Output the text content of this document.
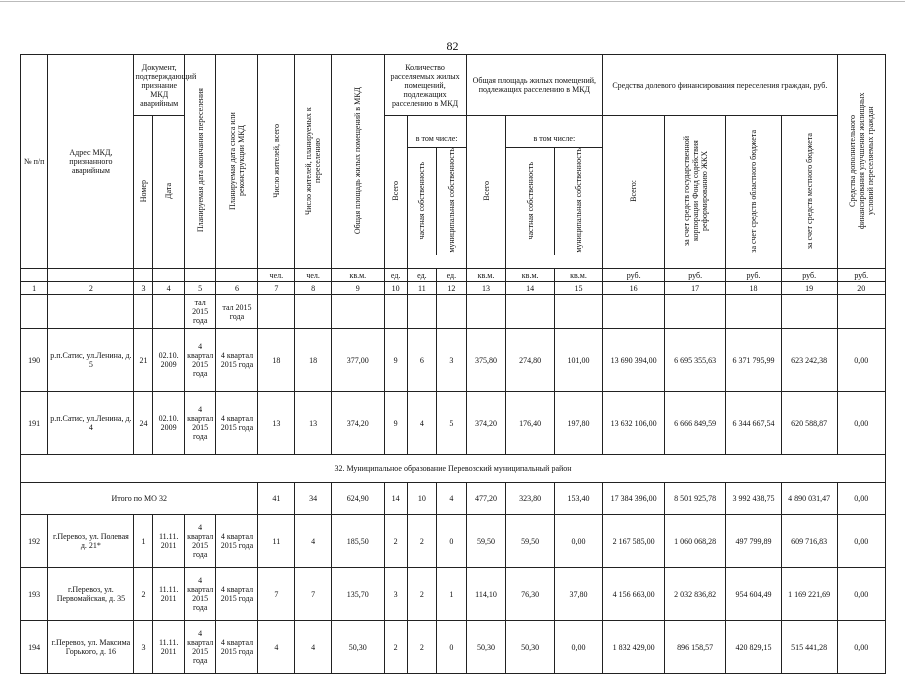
82
№ п/п	Адрес МКД, признанного аварийным	Документ, подтверждающий признание МКД аварийным	Планируемая дата окончания переселения	Планируемая дата сноса или реконструкции МКД	Число жителей, всего	Число жителей, планируемых к переселению	Общая площадь жилых помещений в МКД	Количество расселяемых жилых помещений, подлежащих расселению в МКД	Общая площадь жилых помещений, подлежащих расселению в МКД	Средства долевого финансирования переселения граждан, руб.	Средства дополнительного финансирования улучшения жилищных условий переселяемых граждан
Номер	Дата	Всего	
в том числе:
частная собственность	муниципальная собственность
		Всего	
в том числе:
частная собственность	муниципальная собственность
		Всего:	за счет средств государственной корпорации Фонд содействия реформированию ЖКХ	за счет средств областного бюджета	за счет средств местного бюджета
						чел.	чел.	кв.м.	ед.	ед.	ед.	кв.м.	кв.м.	кв.м.	руб.	руб.	руб.	руб.	руб.
1	2	3	4	5	6	7	8	9	10	11	12	13	14	15	16	17	18	19	20
				тал 2015 года	тал 2015 года														
190	р.п.Сатис, ул.Ленина, д. 5	21	02.10. 2009	4 квартал 2015 года	4 квартал 2015 года	18	18	377,00	9	6	3	375,80	274,80	101,00	13 690 394,00	6 695 355,63	6 371 795,99	623 242,38	0,00
191	р.п.Сатис, ул.Ленина, д. 4	24	02.10. 2009	4 квартал 2015 года	4 квартал 2015 года	13	13	374,20	9	4	5	374,20	176,40	197,80	13 632 106,00	6 666 849,59	6 344 667,54	620 588,87	0,00
32. Муниципальное образование Перевозский муниципальный район
Итого по МО 32	41	34	624,90	14	10	4	477,20	323,80	153,40	17 384 396,00	8 501 925,78	3 992 438,75	4 890 031,47	0,00
192	г.Перевоз, ул. Полевая д. 21*	1	11.11. 2011	4 квартал 2015 года	4 квартал 2015 года	11	4	185,50	2	2	0	59,50	59,50	0,00	2 167 585,00	1 060 068,28	497 799,89	609 716,83	0,00
193	г.Перевоз, ул. Первомайская, д. 35	2	11.11. 2011	4 квартал 2015 года	4 квартал 2015 года	7	7	135,70	3	2	1	114,10	76,30	37,80	4 156 663,00	2 032 836,82	954 604,49	1 169 221,69	0,00
194	г.Перевоз, ул. Максима Горького, д. 16	3	11.11. 2011	4 квартал 2015 года	4 квартал 2015 года	4	4	50,30	2	2	0	50,30	50,30	0,00	1 832 429,00	896 158,57	420 829,15	515 441,28	0,00
